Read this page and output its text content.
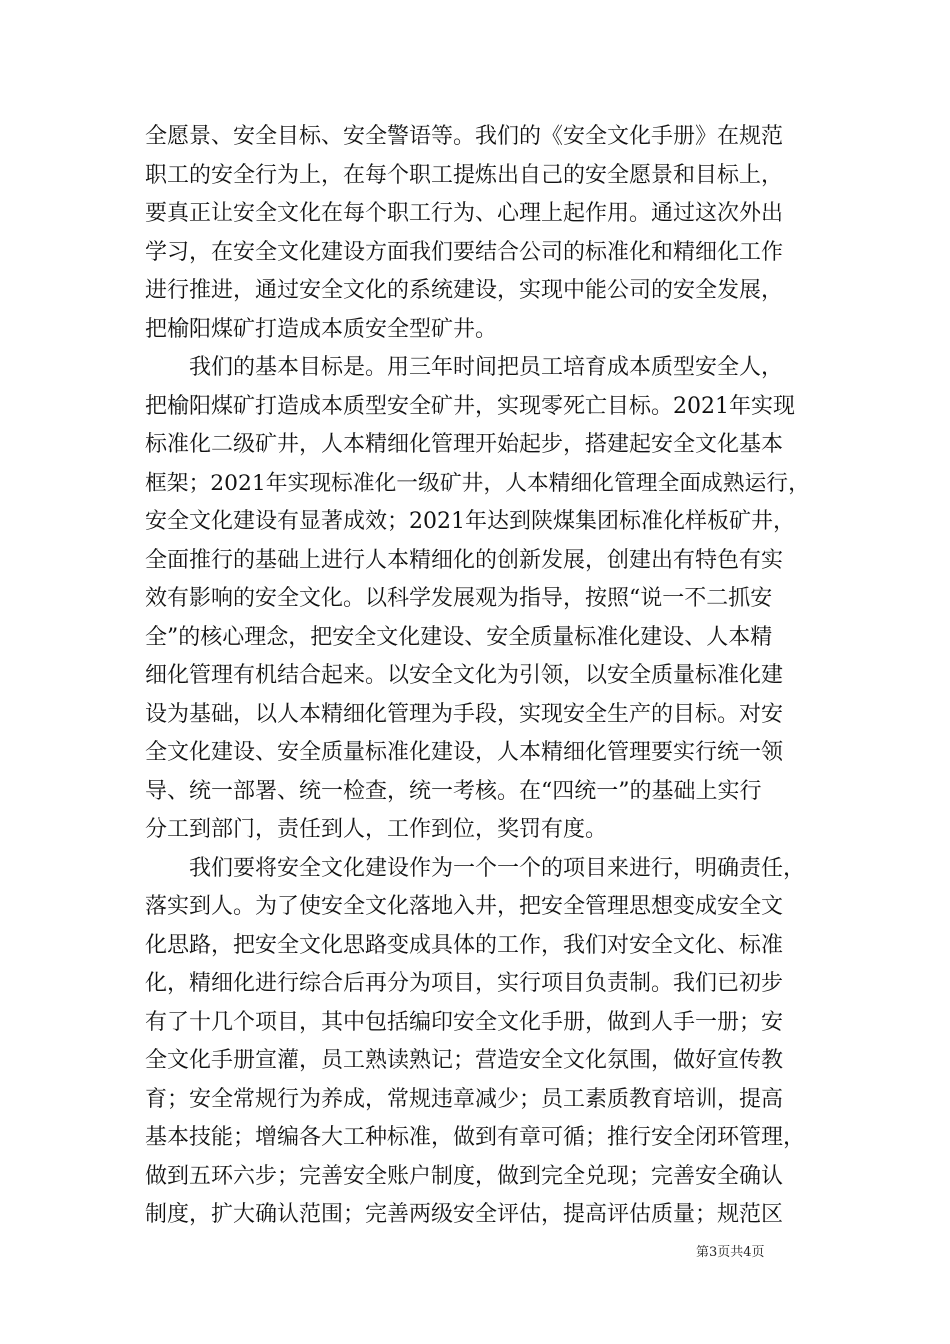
全愿景、安全目标、安全警语等。我们的《安全文化手册》在规范
职工的安全行为上，在每个职工提炼出自己的安全愿景和目标上，
要真正让安全文化在每个职工行为、心理上起作用。通过这次外出
学习，在安全文化建设方面我们要结合公司的标准化和精细化工作
进行推进，通过安全文化的系统建设，实现中能公司的安全发展，
把榆阳煤矿打造成本质安全型矿井。
　　我们的基本目标是。用三年时间把员工培育成本质型安全人，
把榆阳煤矿打造成本质型安全矿井，实现零死亡目标。2021年实现
标准化二级矿井，人本精细化管理开始起步，搭建起安全文化基本
框架；2021年实现标准化一级矿井，人本精细化管理全面成熟运行，
安全文化建设有显著成效；2021年达到陕煤集团标准化样板矿井，
全面推行的基础上进行人本精细化的创新发展，创建出有特色有实
效有影响的安全文化。以科学发展观为指导，按照“说一不二抓安
全”的核心理念，把安全文化建设、安全质量标准化建设、人本精
细化管理有机结合起来。以安全文化为引领，以安全质量标准化建
设为基础，以人本精细化管理为手段，实现安全生产的目标。对安
全文化建设、安全质量标准化建设，人本精细化管理要实行统一领
导、统一部署、统一检查，统一考核。在“四统一”的基础上实行
分工到部门，责任到人，工作到位，奖罚有度。
　　我们要将安全文化建设作为一个一个的项目来进行，明确责任，
落实到人。为了使安全文化落地入井，把安全管理思想变成安全文
化思路，把安全文化思路变成具体的工作，我们对安全文化、标准
化，精细化进行综合后再分为项目，实行项目负责制。我们已初步
有了十几个项目，其中包括编印安全文化手册，做到人手一册；安
全文化手册宣灌，员工熟读熟记；营造安全文化氛围，做好宣传教
育；安全常规行为养成，常规违章减少；员工素质教育培训，提高
基本技能；增编各大工种标准，做到有章可循；推行安全闭环管理，
做到五环六步；完善安全账户制度，做到完全兑现；完善安全确认
制度，扩大确认范围；完善两级安全评估，提高评估质量；规范区
第3页共4页
